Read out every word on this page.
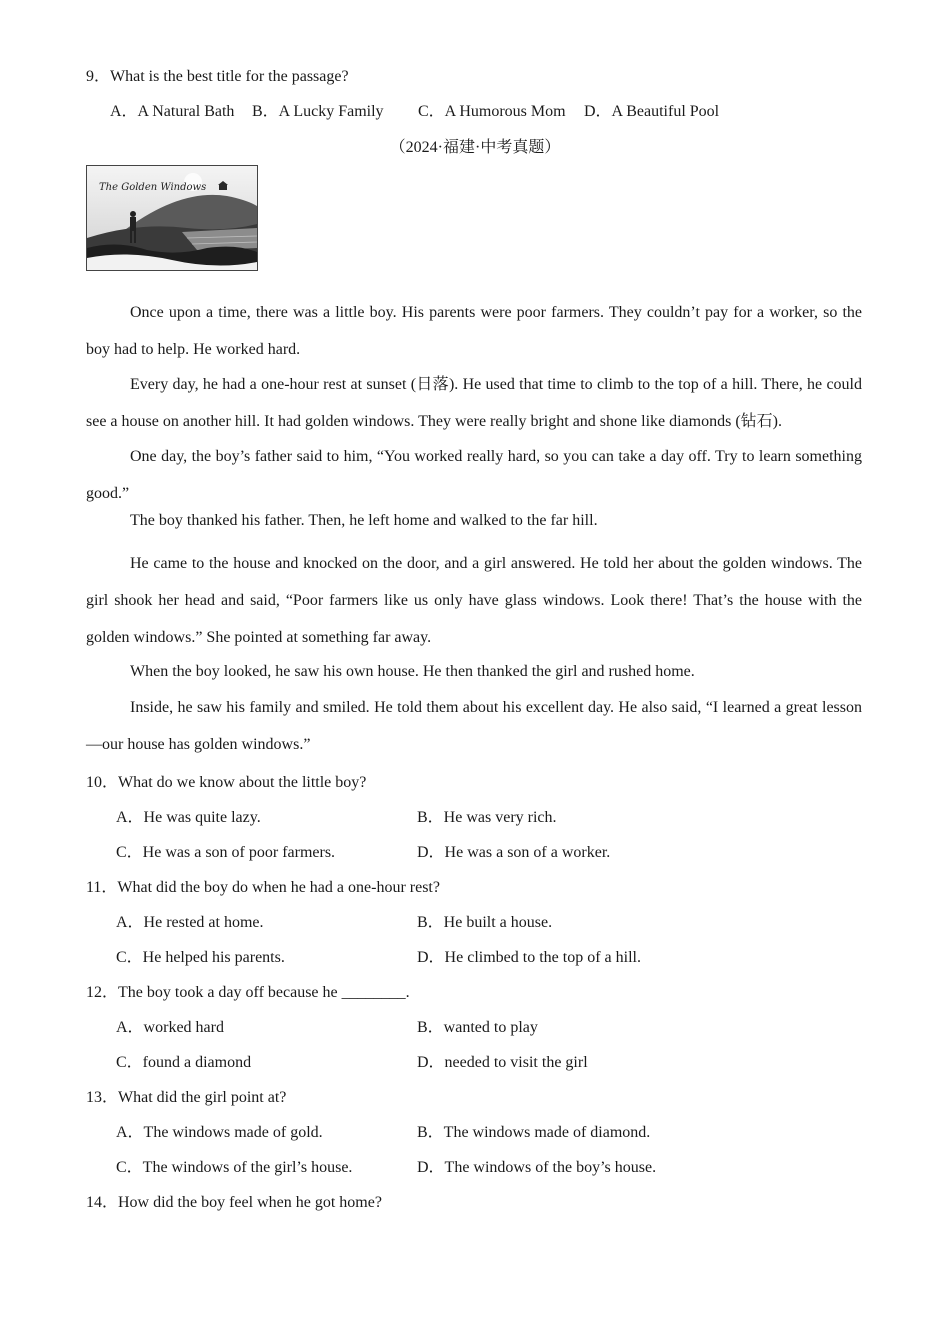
9．What is the best title for the passage?
A．A Natural Bath B．A Lucky Family C．A Humorous Mom D．A Beautiful Pool
（2024·福建·中考真题）
The Golden Windows
Once upon a time, there was a little boy. His parents were poor farmers. They couldn’t pay for a worker, so the boy had to help. He worked hard.
Every day, he had a one-hour rest at sunset (日落). He used that time to climb to the top of a hill. There, he could see a house on another hill. It had golden windows. They were really bright and shone like diamonds (钻石).
One day, the boy’s father said to him, “You worked really hard, so you can take a day off. Try to learn something good.”
The boy thanked his father. Then, he left home and walked to the far hill.
He came to the house and knocked on the door, and a girl answered. He told her about the golden windows. The girl shook her head and said, “Poor farmers like us only have glass windows. Look there! That’s the house with the golden windows.” She pointed at something far away.
When the boy looked, he saw his own house. He then thanked the girl and rushed home.
Inside, he saw his family and smiled. He told them about his excellent day. He also said, “I learned a great lesson—our house has golden windows.”
10．What do we know about the little boy?
A．He was quite lazy.	B．He was very rich.
C．He was a son of poor farmers.	D．He was a son of a worker.
11．What did the boy do when he had a one-hour rest?
A．He rested at home.	B．He built a house.
C．He helped his parents.	D．He climbed to the top of a hill.
12．The boy took a day off because he ________.
A．worked hard	B．wanted to play
C．found a diamond	D．needed to visit the girl
13．What did the girl point at?
A．The windows made of gold.	B．The windows made of diamond.
C．The windows of the girl’s house.	D．The windows of the boy’s house.
14．How did the boy feel when he got home?
